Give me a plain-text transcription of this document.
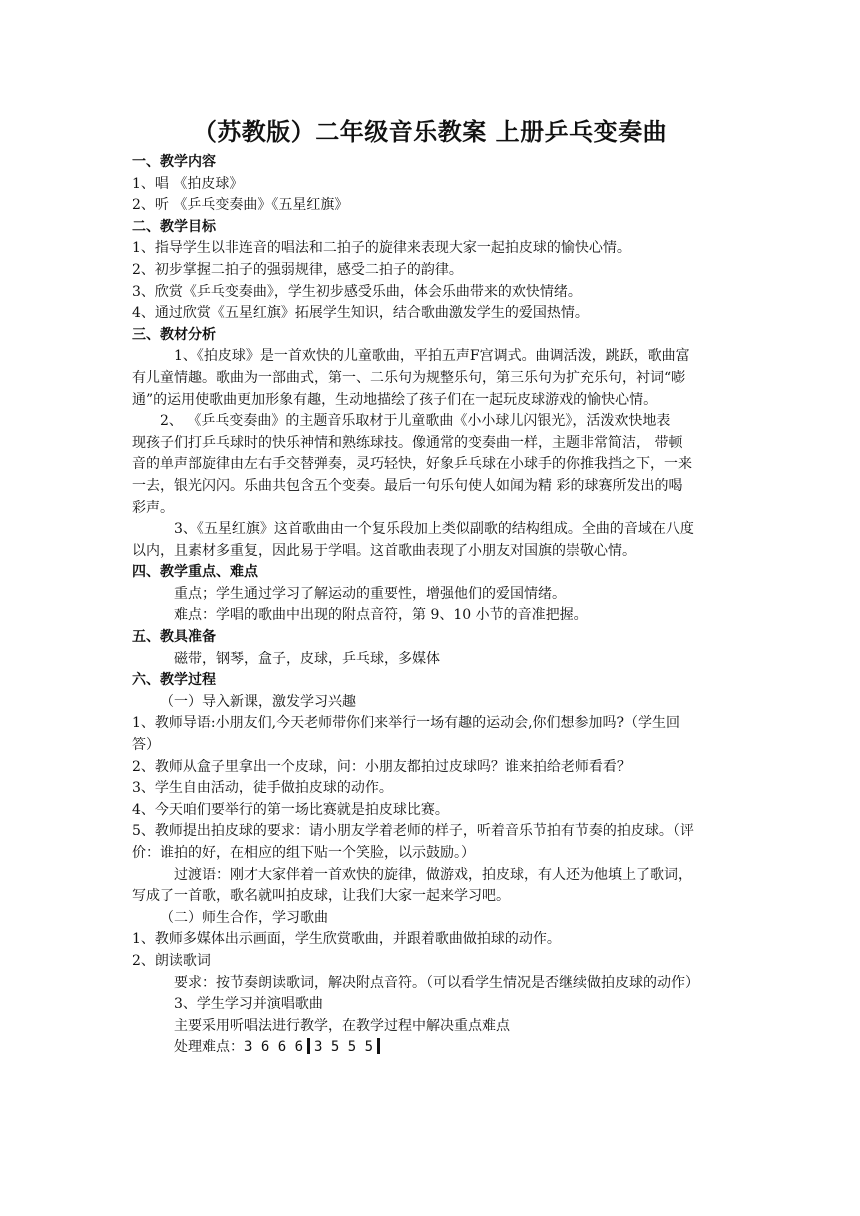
（苏教版）二年级音乐教案 上册乒乓变奏曲
一、教学内容
1、唱 《拍皮球》
2、听 《乒乓变奏曲》《五星红旗》
二、教学目标
1、指导学生以非连音的唱法和二拍子的旋律来表现大家一起拍皮球的愉快心情。
2、初步掌握二拍子的强弱规律，感受二拍子的韵律。
3、欣赏《乒乓变奏曲》，学生初步感受乐曲，体会乐曲带来的欢快情绪。
4、通过欣赏《五星红旗》拓展学生知识，结合歌曲激发学生的爱国热情。
三、教材分析
1、《拍皮球》是一首欢快的儿童歌曲，平拍五声F宫调式。曲调活泼，跳跃，歌曲富
有儿童情趣。歌曲为一部曲式，第一、二乐句为规整乐句，第三乐句为扩充乐句，衬词“嘭
通”的运用使歌曲更加形象有趣，生动地描绘了孩子们在一起玩皮球游戏的愉快心情。
2、 《乒乓变奏曲》的主题音乐取材于儿童歌曲《小小球儿闪银光》，活泼欢快地表
现孩子们打乒乓球时的快乐神情和熟练球技。像通常的变奏曲一样，主题非常简洁， 带顿
音的单声部旋律由左右手交替弹奏，灵巧轻快，好象乒乓球在小球手的你推我挡之下，一来
一去，银光闪闪。乐曲共包含五个变奏。最后一句乐句使人如闻为精 彩的球赛所发出的喝
彩声。
3、《五星红旗》这首歌曲由一个复乐段加上类似副歌的结构组成。全曲的音域在八度
以内，且素材多重复，因此易于学唱。这首歌曲表现了小朋友对国旗的崇敬心情。
四、教学重点、难点
重点；学生通过学习了解运动的重要性，增强他们的爱国情绪。
难点：学唱的歌曲中出现的附点音符，第 9、10 小节的音准把握。
五、教具准备
磁带，钢琴，盒子，皮球，乒乓球，多媒体
六、教学过程
（一）导入新课，激发学习兴趣
1、教师导语:小朋友们,今天老师带你们来举行一场有趣的运动会,你们想参加吗?（学生回
答）
2、教师从盒子里拿出一个皮球，问：小朋友都拍过皮球吗？谁来拍给老师看看？
3、学生自由活动，徒手做拍皮球的动作。
4、今天咱们要举行的第一场比赛就是拍皮球比赛。
5、教师提出拍皮球的要求：请小朋友学着老师的样子，听着音乐节拍有节奏的拍皮球。（评
价：谁拍的好，在相应的组下贴一个笑脸，以示鼓励。）
过渡语：刚才大家伴着一首欢快的旋律，做游戏，拍皮球，有人还为他填上了歌词，
写成了一首歌，歌名就叫拍皮球，让我们大家一起来学习吧。
（二）师生合作，学习歌曲
1、教师多媒体出示画面，学生欣赏歌曲，并跟着歌曲做拍球的动作。
2、朗读歌词
要求：按节奏朗读歌词，解决附点音符。（可以看学生情况是否继续做拍皮球的动作）
3、学生学习并演唱歌曲
主要采用听唱法进行教学，在教学过程中解决重点难点
处理难点：3 6 6 6 3 5 5 5
